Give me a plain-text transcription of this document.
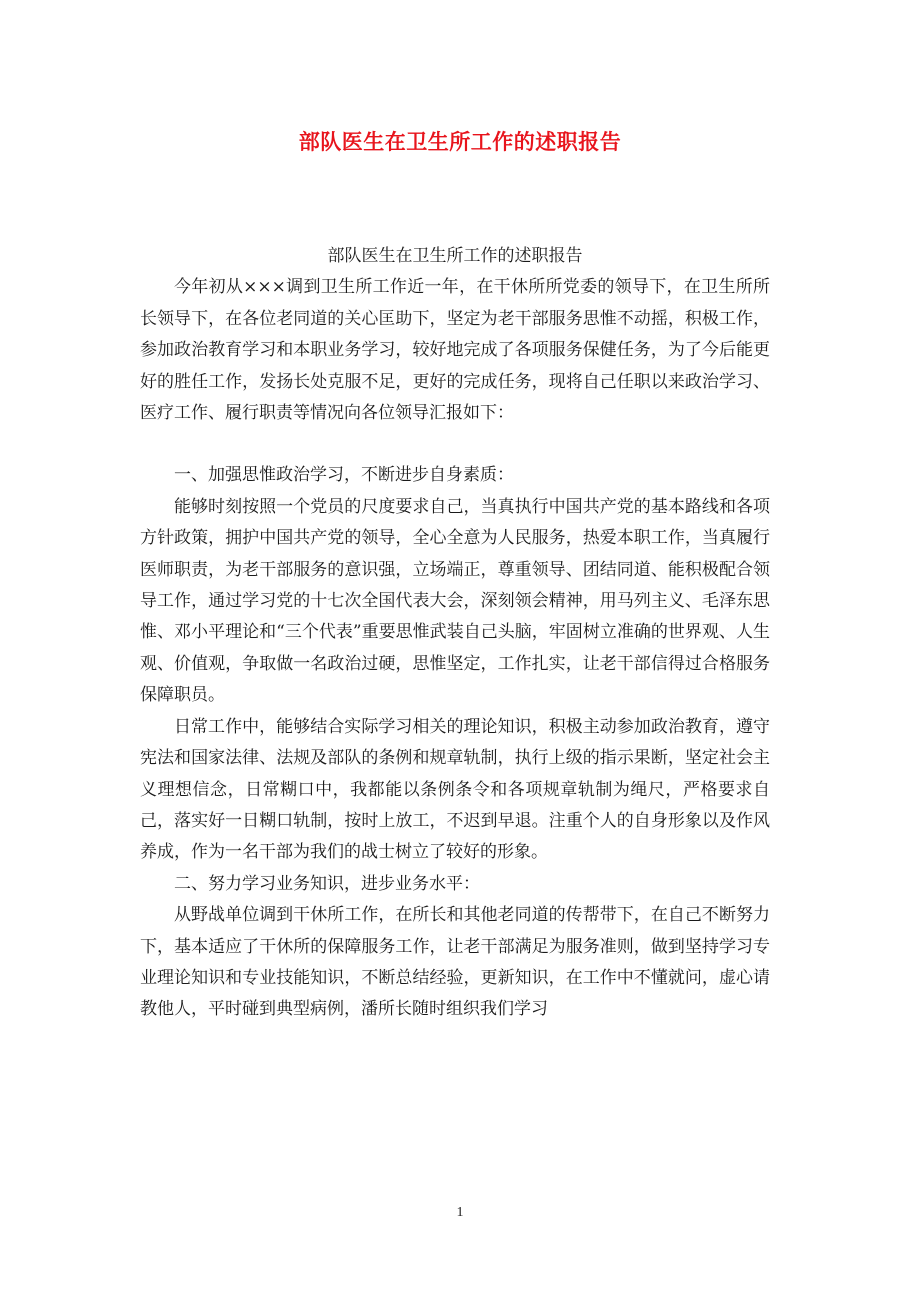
部队医生在卫生所工作的述职报告

部队医生在卫生所工作的述职报告

今年初从×××调到卫生所工作近一年，在干休所所党委的领导下，在卫生所所长领导下，在各位老同道的关心匡助下，坚定为老干部服务思惟不动摇，积极工作，参加政治教育学习和本职业务学习，较好地完成了各项服务保健任务，为了今后能更好的胜任工作，发扬长处克服不足，更好的完成任务，现将自己任职以来政治学习、医疗工作、履行职责等情况向各位领导汇报如下：

一、加强思惟政治学习，不断进步自身素质：

能够时刻按照一个党员的尺度要求自己，当真执行中国共产党的基本路线和各项方针政策，拥护中国共产党的领导，全心全意为人民服务，热爱本职工作，当真履行医师职责，为老干部服务的意识强，立场端正，尊重领导、团结同道、能积极配合领导工作，通过学习党的十七次全国代表大会，深刻领会精神，用马列主义、毛泽东思惟、邓小平理论和“三个代表”重要思惟武装自己头脑，牢固树立准确的世界观、人生观、价值观，争取做一名政治过硬，思惟坚定，工作扎实，让老干部信得过合格服务保障职员。

日常工作中，能够结合实际学习相关的理论知识，积极主动参加政治教育，遵守宪法和国家法律、法规及部队的条例和规章轨制，执行上级的指示果断，坚定社会主义理想信念，日常糊口中，我都能以条例条令和各项规章轨制为绳尺，严格要求自己，落实好一日糊口轨制，按时上放工，不迟到早退。注重个人的自身形象以及作风养成，作为一名干部为我们的战士树立了较好的形象。

二、努力学习业务知识，进步业务水平：

从野战单位调到干休所工作，在所长和其他老同道的传帮带下，在自己不断努力下，基本适应了干休所的保障服务工作，让老干部满足为服务准则，做到坚持学习专业理论知识和专业技能知识，不断总结经验，更新知识，在工作中不懂就问，虚心请教他人，平时碰到典型病例，潘所长随时组织我们学习

1
